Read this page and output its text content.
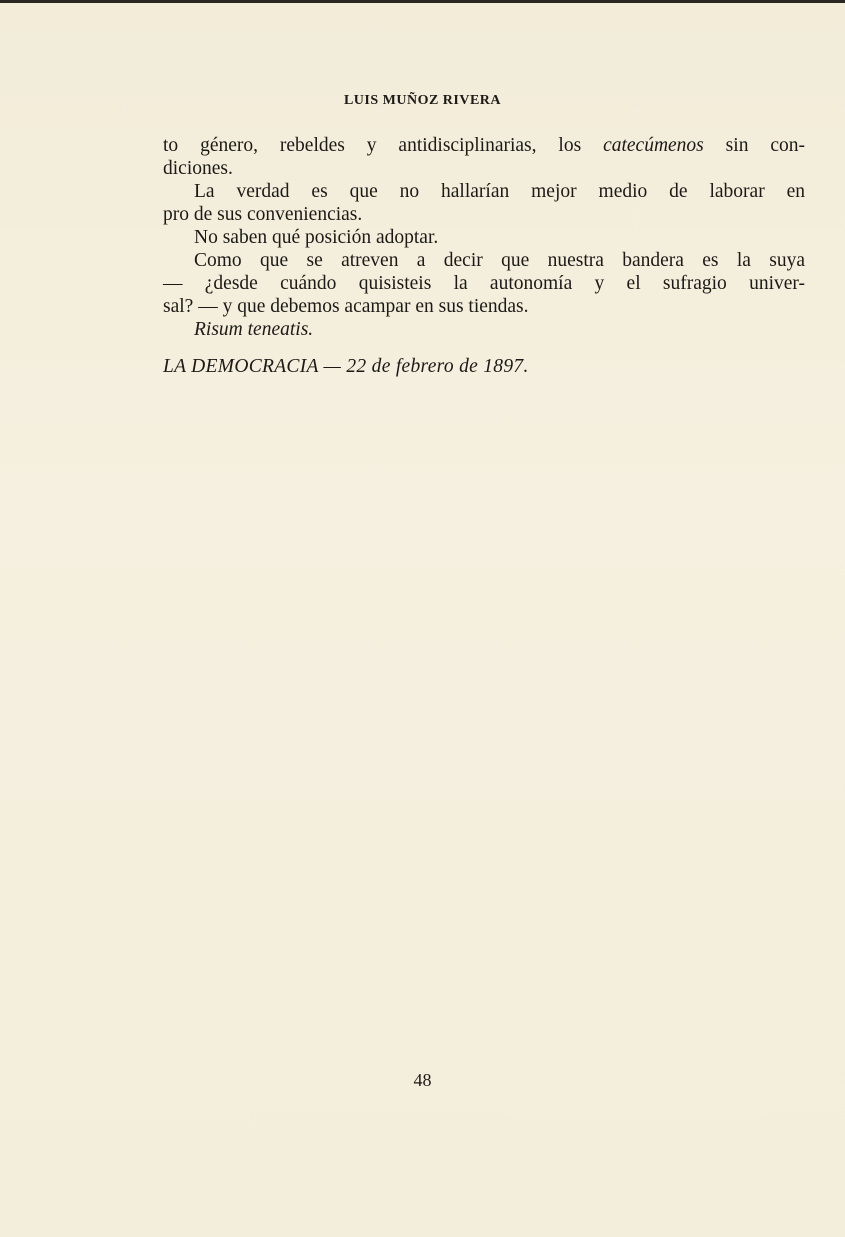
LUIS MUÑOZ RIVERA
to género, rebeldes y antidisciplinarias, los catecúmenos sin con-
diciones.
La verdad es que no hallarían mejor medio de laborar en
pro de sus conveniencias.
No saben qué posición adoptar.
Como que se atreven a decir que nuestra bandera es la suya
— ¿desde cuándo quisisteis la autonomía y el sufragio univer-
sal? — y que debemos acampar en sus tiendas.
Risum teneatis.
LA DEMOCRACIA — 22 de febrero de 1897.
48
